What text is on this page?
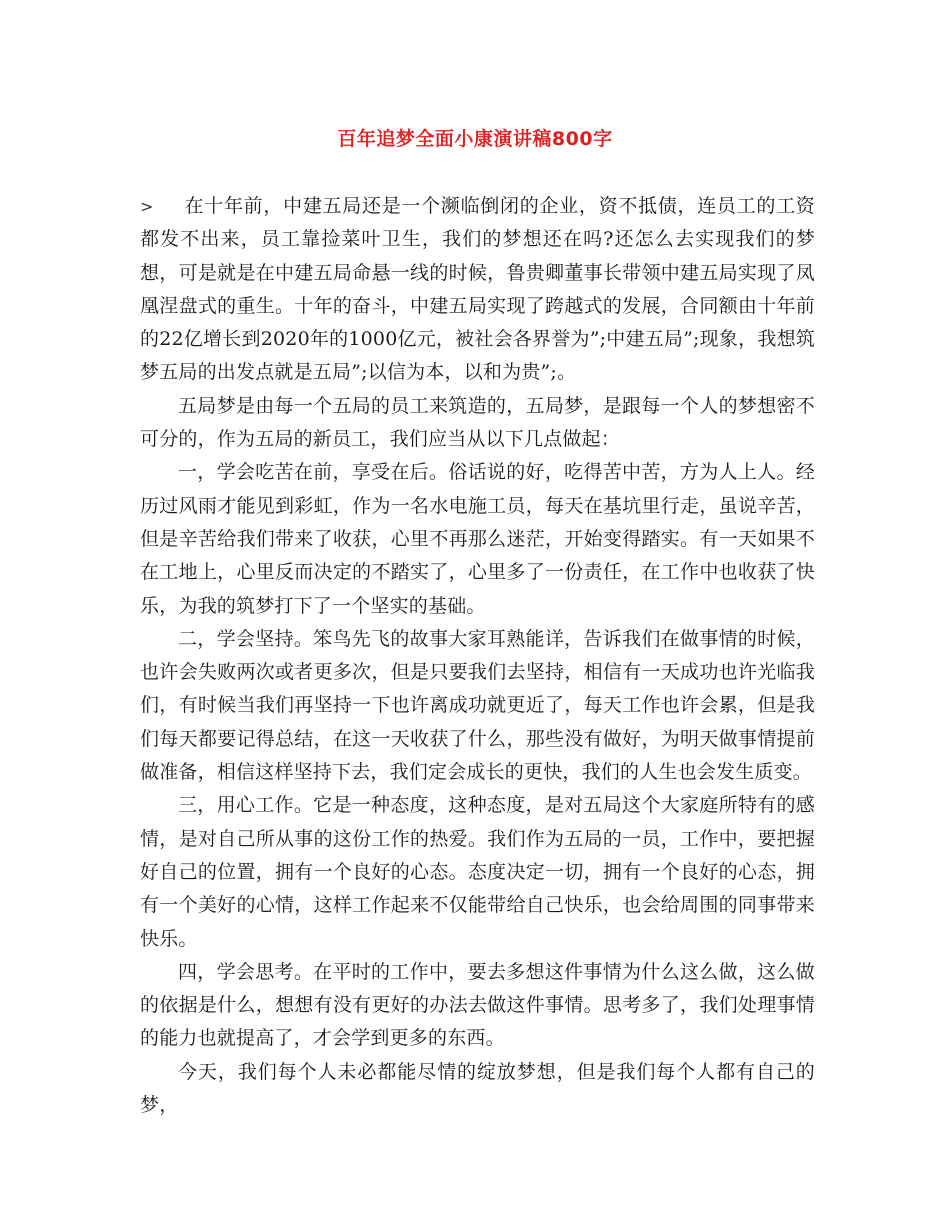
百年追梦全面小康演讲稿800字

> 在十年前，中建五局还是一个濒临倒闭的企业，资不抵债，连员工的工资都发不出来，员工靠捡菜叶卫生，我们的梦想还在吗?还怎么去实现我们的梦想，可是就是在中建五局命悬一线的时候，鲁贵卿董事长带领中建五局实现了凤凰涅盘式的重生。十年的奋斗，中建五局实现了跨越式的发展，合同额由十年前的22亿增长到2020年的1000亿元，被社会各界誉为”;中建五局”;现象，我想筑梦五局的出发点就是五局”;以信为本，以和为贵”;。

五局梦是由每一个五局的员工来筑造的，五局梦，是跟每一个人的梦想密不可分的，作为五局的新员工，我们应当从以下几点做起：

一，学会吃苦在前，享受在后。俗话说的好，吃得苦中苦，方为人上人。经历过风雨才能见到彩虹，作为一名水电施工员，每天在基坑里行走，虽说辛苦，但是辛苦给我们带来了收获，心里不再那么迷茫，开始变得踏实。有一天如果不在工地上，心里反而决定的不踏实了，心里多了一份责任，在工作中也收获了快乐，为我的筑梦打下了一个坚实的基础。

二，学会坚持。笨鸟先飞的故事大家耳熟能详，告诉我们在做事情的时候，也许会失败两次或者更多次，但是只要我们去坚持，相信有一天成功也许光临我们，有时候当我们再坚持一下也许离成功就更近了，每天工作也许会累，但是我们每天都要记得总结，在这一天收获了什么，那些没有做好，为明天做事情提前做准备，相信这样坚持下去，我们定会成长的更快，我们的人生也会发生质变。

三，用心工作。它是一种态度，这种态度，是对五局这个大家庭所特有的感情，是对自己所从事的这份工作的热爱。我们作为五局的一员，工作中，要把握好自己的位置，拥有一个良好的心态。态度决定一切，拥有一个良好的心态，拥有一个美好的心情，这样工作起来不仅能带给自己快乐，也会给周围的同事带来快乐。

四，学会思考。在平时的工作中，要去多想这件事情为什么这么做，这么做的依据是什么，想想有没有更好的办法去做这件事情。思考多了，我们处理事情的能力也就提高了，才会学到更多的东西。

今天，我们每个人未必都能尽情的绽放梦想，但是我们每个人都有自己的梦，
